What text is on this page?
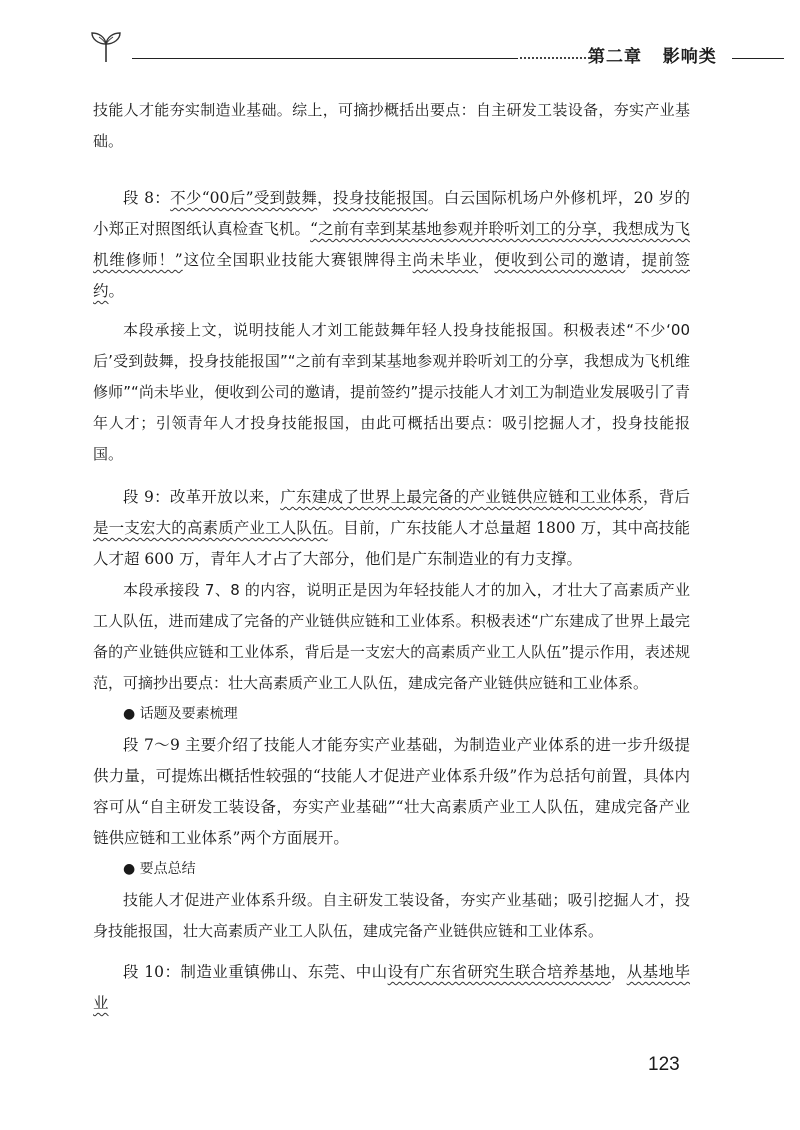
第二章 影响类

技能人才能夯实制造业基础。综上，可摘抄概括出要点：自主研发工装设备，夯实产业基础。

段 8：不少“00后”受到鼓舞，投身技能报国。白云国际机场户外修机坪，20 岁的小郑正对照图纸认真检查飞机。“之前有幸到某基地参观并聆听刘工的分享，我想成为飞机维修师！”这位全国职业技能大赛银牌得主尚未毕业，便收到公司的邀请，提前签约。

本段承接上文，说明技能人才刘工能鼓舞年轻人投身技能报国。积极表述“不少‘00后’受到鼓舞，投身技能报国”“之前有幸到某基地参观并聆听刘工的分享，我想成为飞机维修师”“尚未毕业，便收到公司的邀请，提前签约”提示技能人才刘工为制造业发展吸引了青年人才；引领青年人才投身技能报国，由此可概括出要点：吸引挖掘人才，投身技能报国。

段 9：改革开放以来，广东建成了世界上最完备的产业链供应链和工业体系，背后是一支宏大的高素质产业工人队伍。目前，广东技能人才总量超 1800 万，其中高技能人才超 600 万，青年人才占了大部分，他们是广东制造业的有力支撑。

本段承接段 7、8 的内容，说明正是因为年轻技能人才的加入，才壮大了高素质产业工人队伍，进而建成了完备的产业链供应链和工业体系。积极表述“广东建成了世界上最完备的产业链供应链和工业体系，背后是一支宏大的高素质产业工人队伍”提示作用，表述规范，可摘抄出要点：壮大高素质产业工人队伍，建成完备产业链供应链和工业体系。

● 话题及要素梳理

段 7～9 主要介绍了技能人才能夯实产业基础，为制造业产业体系的进一步升级提供力量，可提炼出概括性较强的“技能人才促进产业体系升级”作为总括句前置，具体内容可从“自主研发工装设备，夯实产业基础”“壮大高素质产业工人队伍，建成完备产业链供应链和工业体系”两个方面展开。

● 要点总结

技能人才促进产业体系升级。自主研发工装设备，夯实产业基础；吸引挖掘人才，投身技能报国，壮大高素质产业工人队伍，建成完备产业链供应链和工业体系。

段 10：制造业重镇佛山、东莞、中山设有广东省研究生联合培养基地，从基地毕业

123
